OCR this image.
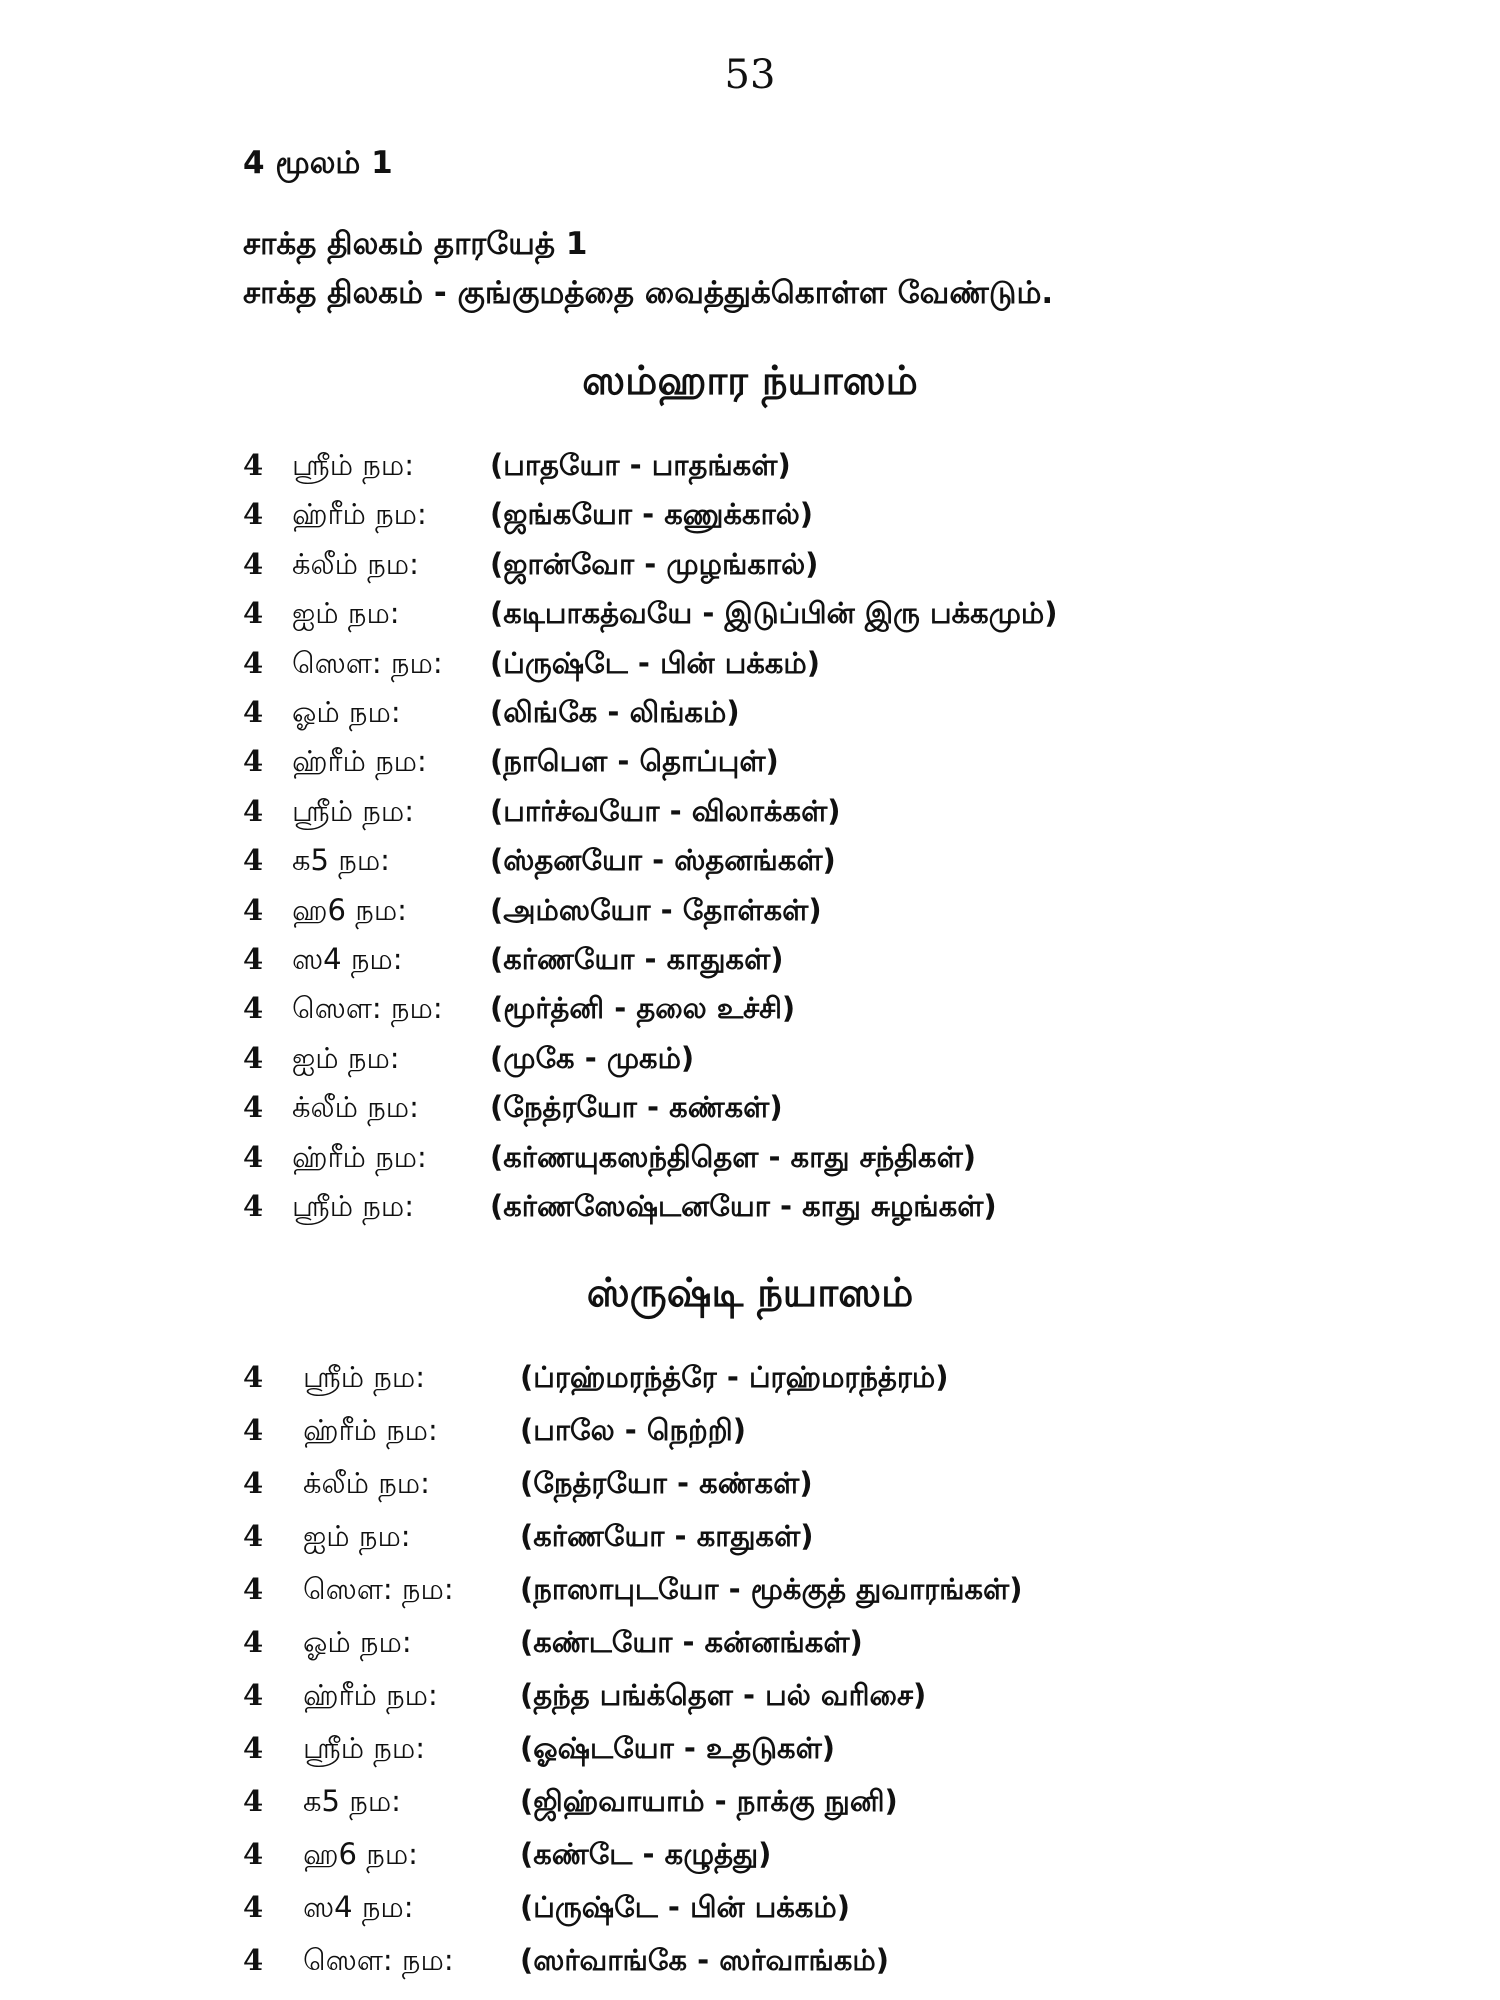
53
4 மூலம் 1
சாக்த திலகம் தாரயேத் 1
சாக்த திலகம் - குங்குமத்தை வைத்துக்கொள்ள வேண்டும்.
ஸம்ஹார ந்யாஸம்
4 ஸ்ரீம் நம:	(பாதயோ - பாதங்கள்)
4 ஹ்ரீம் நம: (ஜங்கயோ - கணுக்கால்)
4 க்லீம் நம: (ஜான்வோ - முழங்கால்)
4 ஐம் நம:	(கடிபாகத்வயே - இடுப்பின் இரு பக்கமும்)
4 ஸெள: நம: (ப்ருஷ்டே - பின் பக்கம்)
4 ஓம் நம:	(லிங்கே - லிங்கம்)
4 ஹ்ரீம் நம: (நாபெள - தொப்புள்)
4 ஸ்ரீம் நம:	(பார்ச்வயோ - விலாக்கள்)
4 க5 நம:	(ஸ்தனயோ - ஸ்தனங்கள்)
4 ஹ6 நம:	(அம்ஸயோ - தோள்கள்)
4 ஸ4 நம:	(கர்ணயோ - காதுகள்)
4 ஸெள: நம: (மூர்த்னி - தலை உச்சி)
4 ஐம் நம:	(முகே - முகம்)
4 க்லீம் நம: (நேத்ரயோ - கண்கள்)
4 ஹ்ரீம் நம: (கர்ணயுகஸந்திதெள - காது சந்திகள்)
4 ஸ்ரீம் நம:	(கர்ணஸேஷ்டனயோ - காது சுழங்கள்)
ஸ்ருஷ்டி ந்யாஸம்
4 ஸ்ரீம் நம:	(ப்ரஹ்மரந்த்ரே - ப்ரஹ்மரந்த்ரம்)
4 ஹ்ரீம் நம:	(பாலே - நெற்றி)
4 க்லீம் நம:	(நேத்ரயோ - கண்கள்)
4 ஐம் நம:	(கர்ணயோ - காதுகள்)
4 ஸெள: நம: (நாஸாபுடயோ - மூக்குத் துவாரங்கள்)
4 ஓம் நம:	(கண்டயோ - கன்னங்கள்)
4 ஹ்ரீம் நம:	(தந்த பங்க்தெள - பல் வரிசை)
4 ஸ்ரீம் நம:	(ஓஷ்டயோ - உதடுகள்)
4 க5 நம:	(ஜிஹ்வாயாம் - நாக்கு நுனி)
4 ஹ6 நம:	(கண்டே - கழுத்து)
4 ஸ4 நம:	(ப்ருஷ்டே - பின் பக்கம்)
4 ஸெள: நம: (ஸர்வாங்கே - ஸர்வாங்கம்)
